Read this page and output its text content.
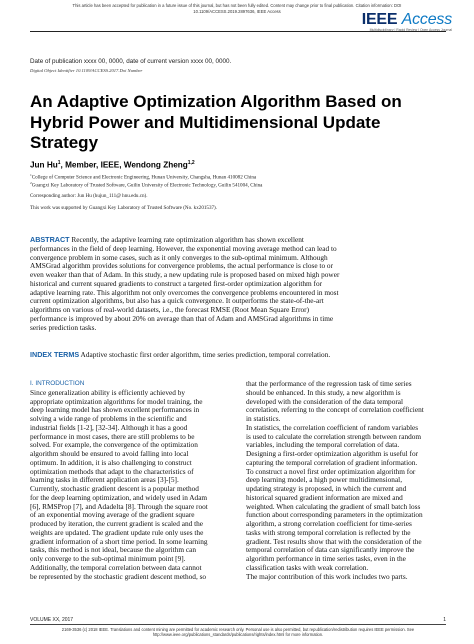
This article has been accepted for publication in a future issue of this journal, but has not been fully edited. Content may change prior to final publication. Citation information: DOI
10.1109/ACCESS.2019.2897636, IEEE Access	IEEE Access
Multidisciplinary | Rapid Review | Open Access Journal
Date of publication xxxx 00, 0000, date of current version xxxx 00, 0000.
Digital Object Identifier 10.1109/ACCESS.2017.Doi Number
An Adaptive Optimization Algorithm Based on
Hybrid Power and Multidimensional Update
Strategy
Jun Hu$^1$, Member, IEEE, Wendong Zheng$^{1,2}$
$^1$College of Computer Science and Electronic Engineering, Hunan University, Changsha, Hunan 410082 China
$^2$Guangxi Key Laboratory of Trusted Software, Guilin University of Electronic Technology, Guilin 541004, China
Corresponding author: Jun Hu (hujun_111@ hnu.edu.cn).
This work was supported by Guangxi Key Laboratory of Trusted Software (No. kx201537).
ABSTRACT Recently, the adaptive learning rate optimization algorithm has shown excellent
performances in the field of deep learning. However, the exponential moving average method can lead to
convergence problem in some cases, such as it only converges to the sub-optimal minimum. Although
AMSGrad algorithm provides solutions for convergence problems, the actual performance is close to or
even weaker than that of Adam. In this study, a new updating rule is proposed based on mixed high power
historical and current squared gradients to construct a targeted first-order optimization algorithm for
adaptive learning rate. This algorithm not only overcomes the convergence problems encountered in most
current optimization algorithms, but also has a quick convergence. It outperforms the state-of-the-art
algorithms on various of real-world datasets, i.e., the forecast RMSE (Root Mean Square Error)
performance is improved by about 20% on average than that of Adam and AMSGrad algorithms in time
series prediction tasks.
INDEX TERMS Adaptive stochastic first order algorithm, time series prediction, temporal correlation.
I. INTRODUCTION
Since generalization ability is efficiently achieved by
appropriate optimization algorithms for model training, the
deep learning model has shown excellent performances in
solving a wide range of problems in the scientific and
industrial fields [1-2], [32-34]. Although it has a good
performance in most cases, there are still problems to be
solved. For example, the convergence of the optimization
algorithm should be ensured to avoid falling into local
optimum. In addition, it is also challenging to construct
optimization methods that adapt to the characteristics of
learning tasks in different application areas [3]-[5].
Currently, stochastic gradient descent is a popular method
for the deep learning optimization, and widely used in Adam
[6], RMSProp [7], and Adadelta [8]. Through the square root
of an exponential moving average of the gradient square
produced by iteration, the current gradient is scaled and the
weights are updated. The gradient update rule only uses the
gradient information of a short time period. In some learning
tasks, this method is not ideal, because the algorithm can
only converge to the sub-optimal minimum point [9].
Additionally, the temporal correlation between data cannot
be represented by the stochastic gradient descent method, so
that the performance of the regression task of time series
should be enhanced. In this study, a new algorithm is
developed with the consideration of the data temporal
correlation, referring to the concept of correlation coefficient
in statistics.
In statistics, the correlation coefficient of random variables
is used to calculate the correlation strength between random
variables, including the temporal correlation of data.
Designing a first-order optimization algorithm is useful for
capturing the temporal correlation of gradient information.
To construct a novel first order optimization algorithm for
deep learning model, a high power multidimensional,
updating strategy is proposed, in which the current and
historical squared gradient information are mixed and
weighted. When calculating the gradient of small batch loss
function about corresponding parameters in the optimization
algorithm, a strong correlation coefficient for time-series
tasks with strong temporal correlation is reflected by the
gradient. Test results show that with the consideration of the
temporal correlation of data can significantly improve the
algorithm performance in time series tasks, even in the
classification tasks with weak correlation.
The major contribution of this work includes two parts.
VOLUME XX, 2017	1
2169-3536 (c) 2018 IEEE. Translations and content mining are permitted for academic research only. Personal use is also permitted, but republication/redistribution requires IEEE permission. See
http://www.ieee.org/publications_standards/publications/rights/index.html for more information.
